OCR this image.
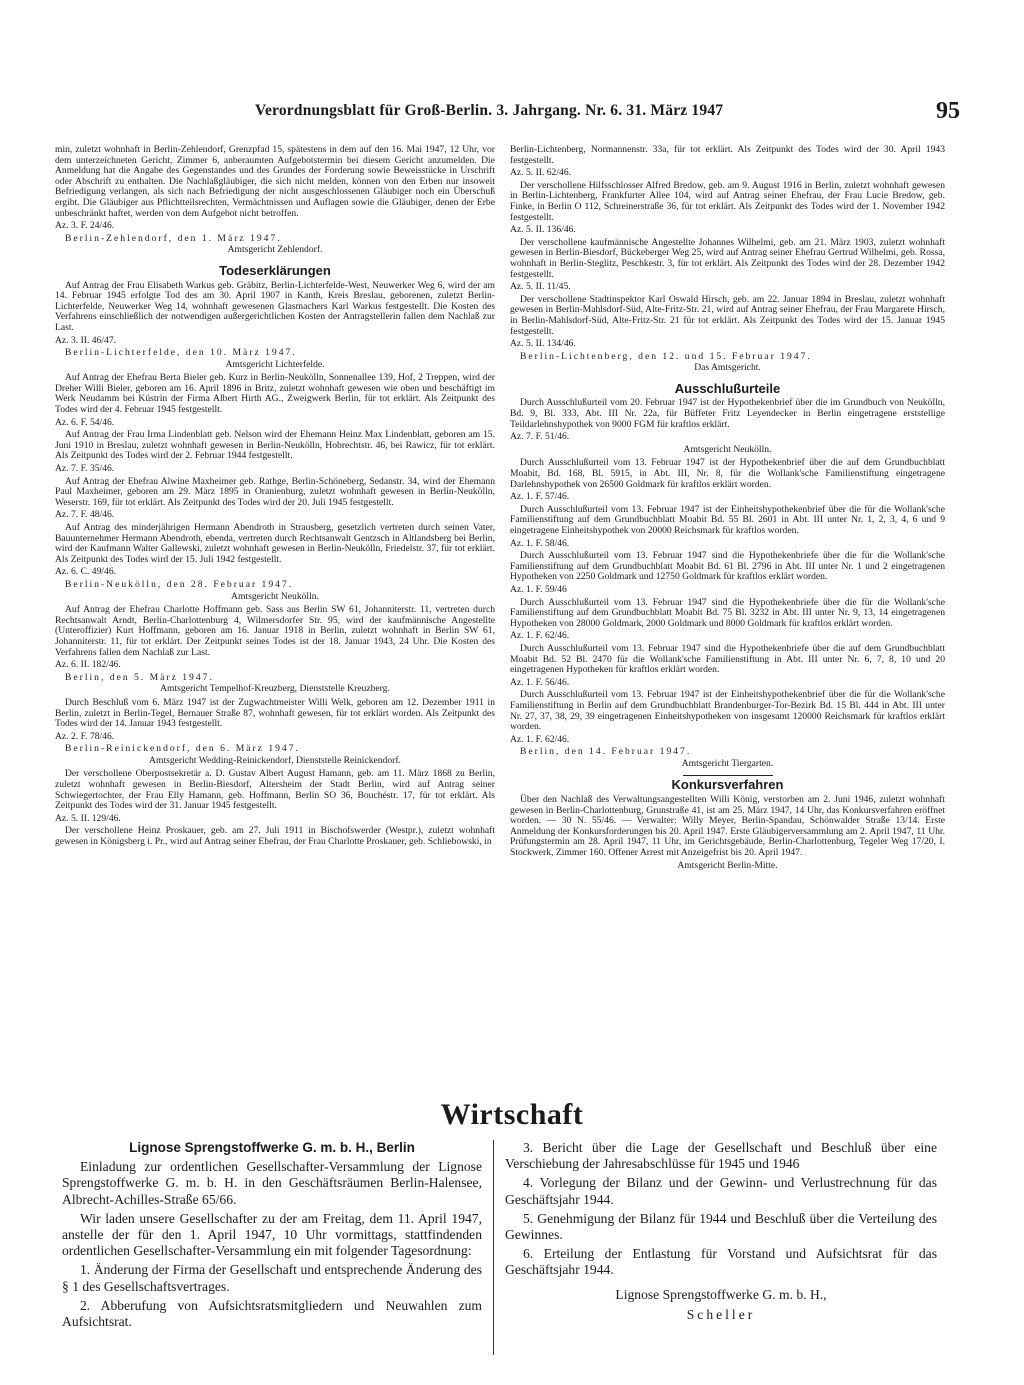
Verordnungsblatt für Groß-Berlin. 3. Jahrgang. Nr. 6. 31. März 1947	95

min, zuletzt wohnhaft in Berlin-Zehlendorf, Grenzpfad 15, spätestens in dem auf den 16. Mai 1947, 12 Uhr, vor dem unterzeichneten Gericht, Zimmer 6, anberaumten Aufgebotstermin bei diesem Gericht anzumelden. Die Anmeldung hat die Angabe des Gegenstandes und des Grundes der Forderung sowie Beweisstücke in Urschrift oder Abschrift zu enthalten. Die Nachlaßgläubiger, die sich nicht melden, können von den Erben nur insoweit Befriedigung verlangen, als sich nach Befriedigung der nicht ausgeschlossenen Gläubiger noch ein Überschuß ergibt. Die Gläubiger aus Pflichtteilsrechten, Vermächtnissen und Auflagen sowie die Gläubiger, denen der Erbe unbeschränkt haftet, werden von dem Aufgebot nicht betroffen.

Az. 3. F. 24/46.

Berlin-Zehlendorf, den 1. März 1947.
Amtsgericht Zehlendorf.
Todeserklärungen

Auf Antrag der Frau Elisabeth Warkus geb. Gräbitz, Berlin-Lichterfelde-West, Neuwerker Weg 6, wird der am 14. Februar 1945 erfolgte Tod des am 30. April 1907 in Kanth, Kreis Breslau, geborenen, zuletzt Berlin-Lichterfelde, Neuwerker Weg 14, wohnhaft gewesenen Glasmachers Karl Warkus festgestellt. Die Kosten des Verfahrens einschließlich der notwendigen außergerichtlichen Kosten der Antragstellerin fallen dem Nachlaß zur Last.

Az. 3. II. 46/47.

Berlin-Lichterfelde, den 10. März 1947.
Amtsgericht Lichterfelde.

Auf Antrag der Ehefrau Berta Bieler geb. Kurz in Berlin-Neukölln, Sonnenallee 139, Hof, 2 Treppen, wird der Dreher Willi Bieler, geboren am 16. April 1896 in Britz, zuletzt wohnhaft gewesen wie oben und beschäftigt im Werk Neudamm bei Küstrin der Firma Albert Hirth AG., Zweigwerk Berlin, für tot erklärt. Als Zeitpunkt des Todes wird der 4. Februar 1945 festgestellt.

Az. 6. F. 54/46.

Auf Antrag der Frau Irma Lindenblatt geb. Nelson wird der Ehemann Heinz Max Lindenblatt, geboren am 15. Juni 1910 in Breslau, zuletzt wohnhaft gewesen in Berlin-Neukölln, Hobrechtstr. 46, bei Rawicz, für tot erklärt. Als Zeitpunkt des Todes wird der 2. Februar 1944 festgestellt.

Az. 7. F. 35/46.

Auf Antrag der Ehefrau Alwine Maxheimer geb. Rathge, Berlin-Schöneberg, Sedanstr. 34, wird der Ehemann Paul Maxheimer, geboren am 29. März 1895 in Oranienburg, zuletzt wohnhaft gewesen in Berlin-Neukölln, Weserstr. 169, für tot erklärt. Als Zeitpunkt des Todes wird der 20. Juli 1945 festgestellt.

Az. 7. F. 48/46.

Auf Antrag des minderjährigen Hermann Abendroth in Strausberg, gesetzlich vertreten durch seinen Vater, Bauunternehmer Hermann Abendroth, ebenda, vertreten durch Rechtsanwalt Gentzsch in Altlandsberg bei Berlin, wird der Kaufmann Walter Gallewski, zuletzt wohnhaft gewesen in Berlin-Neukölln, Friedelstr. 37, für tot erklärt. Als Zeitpunkt des Todes wird der 15. Juli 1942 festgestellt.

Az. 6. C. 49/46.

Berlin-Neukölln, den 28. Februar 1947.
Amtsgericht Neukölln.

Auf Antrag der Ehefrau Charlotte Hoffmann geb. Sass aus Berlin SW 61, Johanniterstr. 11, vertreten durch Rechtsanwalt Arndt, Berlin-Charlottenburg 4, Wilmersdorfer Str. 95, wird der kaufmännische Angestellte (Unteroffizier) Kurt Hoffmann, geboren am 16. Januar 1918 in Berlin, zuletzt wohnhaft in Berlin SW 61, Johanniterstr. 11, für tot erklärt. Der Zeitpunkt seines Todes ist der 18. Januar 1943, 24 Uhr. Die Kosten des Verfahrens fallen dem Nachlaß zur Last.

Az. 6. II. 182/46.

Berlin, den 5. März 1947.
Amtsgericht Tempelhof-Kreuzberg, Dienststelle Kreuzberg.

Durch Beschluß vom 6. März 1947 ist der Zugwachtmeister Willi Welk, geboren am 12. Dezember 1911 in Berlin, zuletzt in Berlin-Tegel, Bernauer Straße 87, wohnhaft gewesen, für tot erklärt worden. Als Zeitpunkt des Todes wird der 14. Januar 1943 festgestellt.

Az. 2. F. 78/46.

Berlin-Reinickendorf, den 6. März 1947.
Amtsgericht Wedding-Reinickendorf, Dienststelle Reinickendorf.

Der verschollene Oberpostsekretär a. D. Gustav Albert August Hamann, geb. am 11. März 1868 zu Berlin, zuletzt wohnhaft gewesen in Berlin-Biesdorf, Altersheim der Stadt Berlin, wird auf Antrag seiner Schwiegertochter, der Frau Elly Hamann, geb. Hoffmann, Berlin SO 36, Bouchéstr. 17, für tot erklärt. Als Zeitpunkt des Todes wird der 31. Januar 1945 festgestellt.

Az. 5. II. 129/46.

Der verschollene Heinz Proskauer, geb. am 27. Juli 1911 in Bischofswerder (Westpr.), zuletzt wohnhaft gewesen in Königsberg i. Pr., wird auf Antrag seiner Ehefrau, der Frau Charlotte Proskauer, geb. Schliebowski, in

Berlin-Lichtenberg, Normannenstr. 33a, für tot erklärt. Als Zeitpunkt des Todes wird der 30. April 1943 festgestellt.

Az. 5. II. 62/46.

Der verschollene Hilfsschlosser Alfred Bredow, geb. am 9. August 1916 in Berlin, zuletzt wohnhaft gewesen in Berlin-Lichtenberg, Frankfurter Allee 104, wird auf Antrag seiner Ehefrau, der Frau Lucie Bredow, geb. Finke, in Berlin O 112, Schreinerstraße 36, für tot erklärt. Als Zeitpunkt des Todes wird der 1. November 1942 festgestellt.

Az. 5. II. 136/46.

Der verschollene kaufmännische Angestellte Johannes Wilhelmi, geb. am 21. März 1903, zuletzt wohnhaft gewesen in Berlin-Biesdorf, Bückeberger Weg 25, wird auf Antrag seiner Ehefrau Gertrud Wilhelmi, geb. Rossa, wohnhaft in Berlin-Steglitz, Peschkestr. 3, für tot erklärt. Als Zeitpunkt des Todes wird der 28. Dezember 1942 festgestellt.

Az. 5. II. 11/45.

Der verschollene Stadtinspektor Karl Oswald Hirsch, geb. am 22. Januar 1894 in Breslau, zuletzt wohnhaft gewesen in Berlin-Mahlsdorf-Süd, Alte-Fritz-Str. 21, wird auf Antrag seiner Ehefrau, der Frau Margarete Hirsch, in Berlin-Mahlsdorf-Süd, Alte-Fritz-Str. 21 für tot erklärt. Als Zeitpunkt des Todes wird der 15. Januar 1945 festgestellt.

Az. 5. II. 134/46.

Berlin-Lichtenberg, den 12. und 15. Februar 1947.
Das Amtsgericht.
Ausschlußurteile

Durch Ausschlußurteil vom 20. Februar 1947 ist der Hypothekenbrief über die im Grundbuch von Neukölln, Bd. 9, Bl. 333, Abt. III Nr. 22a, für Büffeter Fritz Leyendecker in Berlin eingetragene erststellige Teildarlehnshypothek von 9000 FGM für kraftlos erklärt.

Az. 7. F. 51/46.

Amtsgericht Neukölln.

Durch Ausschlußurteil vom 13. Februar 1947 ist der Hypothekenbrief über die auf dem Grundbuchblatt Moabit, Bd. 168, Bl. 5915, in Abt. III, Nr. 8, für die Wollank'sche Familienstiftung eingetragene Darlehnshypothek von 26500 Goldmark für kraftlos erklärt worden.

Az. 1. F. 57/46.

Durch Ausschlußurteil vom 13. Februar 1947 ist der Einheitshypothekenbrief über die für die Wollank'sche Familienstiftung auf dem Grundbuchblatt Moabit Bd. 55 Bl. 2601 in Abt. III unter Nr. 1, 2, 3, 4, 6 und 9 eingetragene Einheitshypothek von 20000 Reichsmark für kraftlos worden.

Az. 1. F. 58/46.

Durch Ausschlußurteil vom 13. Februar 1947 sind die Hypothekenbriefe über die für die Wollank'sche Familienstiftung auf dem Grundbuchblatt Moabit Bd. 61 Bl. 2796 in Abt. III unter Nr. 1 und 2 eingetragenen Hypotheken von 2250 Goldmark und 12750 Goldmark für kraftlos erklärt worden.

Az. 1. F. 59/46

Durch Ausschlußurteil vom 13. Februar 1947 sind die Hypothekenbriefe über die für die Wollank'sche Familienstiftung auf dem Grundbuchblatt Moabit Bd. 75 Bl. 3232 in Abt. III unter Nr. 9, 13, 14 eingetragenen Hypotheken von 28000 Goldmark, 2000 Goldmark und 8000 Goldmark für kraftlos erklärt worden.

Az. 1. F. 62/46.

Durch Ausschlußurteil vom 13. Februar 1947 sind die Hypothekenbriefe über die auf dem Grundbuchblatt Moabit Bd. 52 Bl. 2470 für die Wollank'sche Familienstiftung in Abt. III unter Nr. 6, 7, 8, 10 und 20 eingetragenen Hypotheken für kraftlos erklärt worden.

Az. 1. F. 56/46.

Durch Ausschlußurteil vom 13. Februar 1947 ist der Einheitshypothekenbrief über die für die Wollank'sche Familienstiftung in Berlin auf dem Grundbuchblatt Brandenburger-Tor-Bezirk Bd. 15 Bl. 444 in Abt. III unter Nr. 27, 37, 38, 29, 39 eingetragenen Einheitshypotheken von insgesamt 120000 Reichsmark für kraftlos erklärt worden.

Az. 1. F. 62/46.

Berlin, den 14. Februar 1947.
Amtsgericht Tiergarten.
Konkursverfahren

Über den Nachlaß des Verwaltungsangestellten Willi König, verstorben am 2. Juni 1946, zuletzt wohnhaft gewesen in Berlin-Charlottenburg, Grunstraße 41, ist am 25. März 1947, 14 Uhr, das Konkursverfahren eröffnet worden. — 30 N. 55/46. — Verwalter: Willy Meyer, Berlin-Spandau, Schönwalder Straße 13/14. Erste Anmeldung der Konkursforderungen bis 20. April 1947. Erste Gläubigerversammlung am 2. April 1947, 11 Uhr. Prüfungstermin am 28. April 1947, 11 Uhr, im Gerichtsgebäude, Berlin-Charlottenburg, Tegeler Weg 17/20, I. Stockwerk, Zimmer 160. Offener Arrest mit Anzeigefrist bis 20. April 1947.

Amtsgericht Berlin-Mitte.
Wirtschaft
Lignose Sprengstoffwerke G. m. b. H., Berlin

Einladung zur ordentlichen Gesellschafter-Versammlung der Lignose Sprengstoffwerke G. m. b. H. in den Geschäftsräumen Berlin-Halensee, Albrecht-Achilles-Straße 65/66.

Wir laden unsere Gesellschafter zu der am Freitag, dem 11. April 1947, anstelle der für den 1. April 1947, 10 Uhr vormittags, stattfindenden ordentlichen Gesellschafter-Versammlung ein mit folgender Tagesordnung:

1. Änderung der Firma der Gesellschaft und entsprechende Änderung des § 1 des Gesellschaftsvertrages.

2. Abberufung von Aufsichtsratsmitgliedern und Neuwahlen zum Aufsichtsrat.

3. Bericht über die Lage der Gesellschaft und Beschluß über eine Verschiebung der Jahresabschlüsse für 1945 und 1946

4. Vorlegung der Bilanz und der Gewinn- und Verlustrechnung für das Geschäftsjahr 1944.

5. Genehmigung der Bilanz für 1944 und Beschluß über die Verteilung des Gewinnes.

6. Erteilung der Entlastung für Vorstand und Aufsichtsrat für das Geschäftsjahr 1944.

Lignose Sprengstoffwerke G. m. b. H.,
Scheller
